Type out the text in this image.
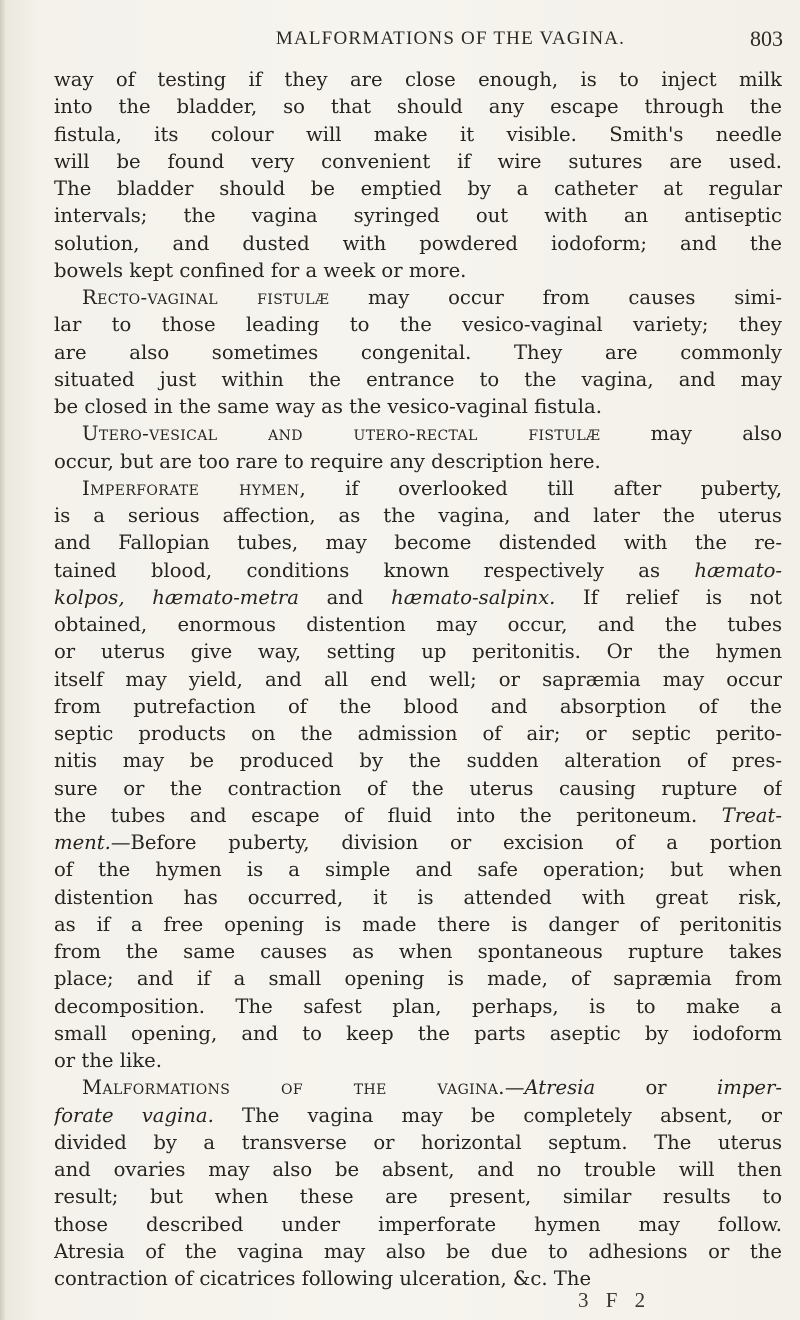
MALFORMATIONS OF THE VAGINA.	803
way of testing if they are close enough, is to inject milk
into the bladder, so that should any escape through the
fistula, its colour will make it visible. Smith's needle
will be found very convenient if wire sutures are used.
The bladder should be emptied by a catheter at regular
intervals; the vagina syringed out with an antiseptic
solution, and dusted with powdered iodoform; and the
bowels kept confined for a week or more.
Recto-vaginal fistulæ may occur from causes simi-
lar to those leading to the vesico-vaginal variety; they
are also sometimes congenital. They are commonly
situated just within the entrance to the vagina, and may
be closed in the same way as the vesico-vaginal fistula.
Utero-vesical and utero-rectal fistulæ may also
occur, but are too rare to require any description here.
Imperforate hymen, if overlooked till after puberty,
is a serious affection, as the vagina, and later the uterus
and Fallopian tubes, may become distended with the re-
tained blood, conditions known respectively as hæmato-
kolpos, hæmato-metra and hæmato-salpinx. If relief is not
obtained, enormous distention may occur, and the tubes
or uterus give way, setting up peritonitis. Or the hymen
itself may yield, and all end well; or sapræmia may occur
from putrefaction of the blood and absorption of the
septic products on the admission of air; or septic perito-
nitis may be produced by the sudden alteration of pres-
sure or the contraction of the uterus causing rupture of
the tubes and escape of fluid into the peritoneum. Treat-
ment.—Before puberty, division or excision of a portion
of the hymen is a simple and safe operation; but when
distention has occurred, it is attended with great risk,
as if a free opening is made there is danger of peritonitis
from the same causes as when spontaneous rupture takes
place; and if a small opening is made, of sapræmia from
decomposition. The safest plan, perhaps, is to make a
small opening, and to keep the parts aseptic by iodoform
or the like.
Malformations of the vagina.—Atresia or imper-
forate vagina. The vagina may be completely absent, or
divided by a transverse or horizontal septum. The uterus
and ovaries may also be absent, and no trouble will then
result; but when these are present, similar results to
those described under imperforate hymen may follow.
Atresia of the vagina may also be due to adhesions or the
contraction of cicatrices following ulceration, &c. The
3 F 2
